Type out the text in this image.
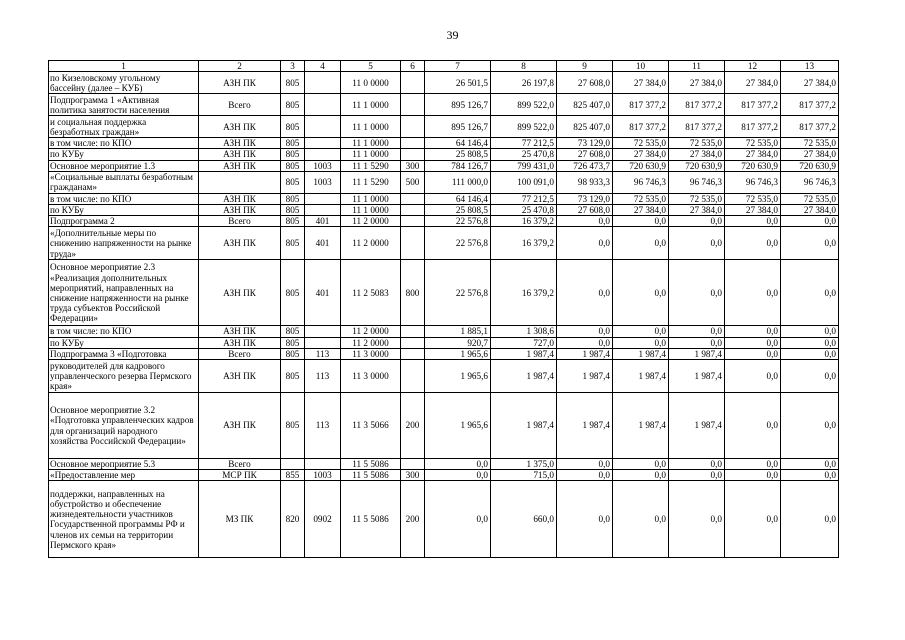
39
1	2	3	4	5	6	7	8	9	10	11	12	13
по Кизеловскому угольному бассейну (далее – КУБ)	АЗН ПК	805		11 0 0000		26 501,5	26 197,8	27 608,0	27 384,0	27 384,0	27 384,0	27 384,0
Подпрограмма 1 «Активная политика занятости населения	Всего	805		11 1 0000		895 126,7	899 522,0	825 407,0	817 377,2	817 377,2	817 377,2	817 377,2
и социальная поддержка безработных граждан»	АЗН ПК	805		11 1 0000		895 126,7	899 522,0	825 407,0	817 377,2	817 377,2	817 377,2	817 377,2
в том числе: по КПО	АЗН ПК	805		11 1 0000		64 146,4	77 212,5	73 129,0	72 535,0	72 535,0	72 535,0	72 535,0
по КУБу	АЗН ПК	805		11 1 0000		25 808,5	25 470,8	27 608,0	27 384,0	27 384,0	27 384,0	27 384,0
Основное мероприятие 1.3	АЗН ПК	805	1003	11 1 5290	300	784 126,7	799 431,0	726 473,7	720 630,9	720 630,9	720 630,9	720 630,9
«Социальные выплаты безработным гражданам»		805	1003	11 1 5290	500	111 000,0	100 091,0	98 933,3	96 746,3	96 746,3	96 746,3	96 746,3
в том числе: по КПО	АЗН ПК	805		11 1 0000		64 146,4	77 212,5	73 129,0	72 535,0	72 535,0	72 535,0	72 535,0
по КУБу	АЗН ПК	805		11 1 0000		25 808,5	25 470,8	27 608,0	27 384,0	27 384,0	27 384,0	27 384,0
Подпрограмма 2	Всего	805	401	11 2 0000		22 576,8	16 379,2	0,0	0,0	0,0	0,0	0,0
«Дополнительные меры по снижению напряженности на рынке труда»	АЗН ПК	805	401	11 2 0000		22 576,8	16 379,2	0,0	0,0	0,0	0,0	0,0
Основное мероприятие 2.3 «Реализация дополнительных мероприятий, направленных на снижение напряженности на рынке труда субъектов Российской Федерации»	АЗН ПК	805	401	11 2 5083	800	22 576,8	16 379,2	0,0	0,0	0,0	0,0	0,0
в том числе: по КПО	АЗН ПК	805		11 2 0000		1 885,1	1 308,6	0,0	0,0	0,0	0,0	0,0
по КУБу	АЗН ПК	805		11 2 0000		920,7	727,0	0,0	0,0	0,0	0,0	0,0
Подпрограмма 3 «Подготовка	Всего	805	113	11 3 0000		1 965,6	1 987,4	1 987,4	1 987,4	1 987,4	0,0	0,0
руководителей для кадрового управленческого резерва Пермского края»	АЗН ПК	805	113	11 3 0000		1 965,6	1 987,4	1 987,4	1 987,4	1 987,4	0,0	0,0
Основное мероприятие 3.2 «Подготовка управленческих кадров для организаций народного хозяйства Российской Федерации»	АЗН ПК	805	113	11 3 5066	200	1 965,6	1 987,4	1 987,4	1 987,4	1 987,4	0,0	0,0
Основное мероприятие 5.3	Всего			11 5 5086		0,0	1 375,0	0,0	0,0	0,0	0,0	0,0
«Предоставление мер	МСР ПК	855	1003	11 5 5086	300	0,0	715,0	0,0	0,0	0,0	0,0	0,0
поддержки, направленных на обустройство и обеспечение жизнедеятельности участников Государственной программы РФ и членов их семьи на территории Пермского края»	МЗ ПК	820	0902	11 5 5086	200	0,0	660,0	0,0	0,0	0,0	0,0	0,0
